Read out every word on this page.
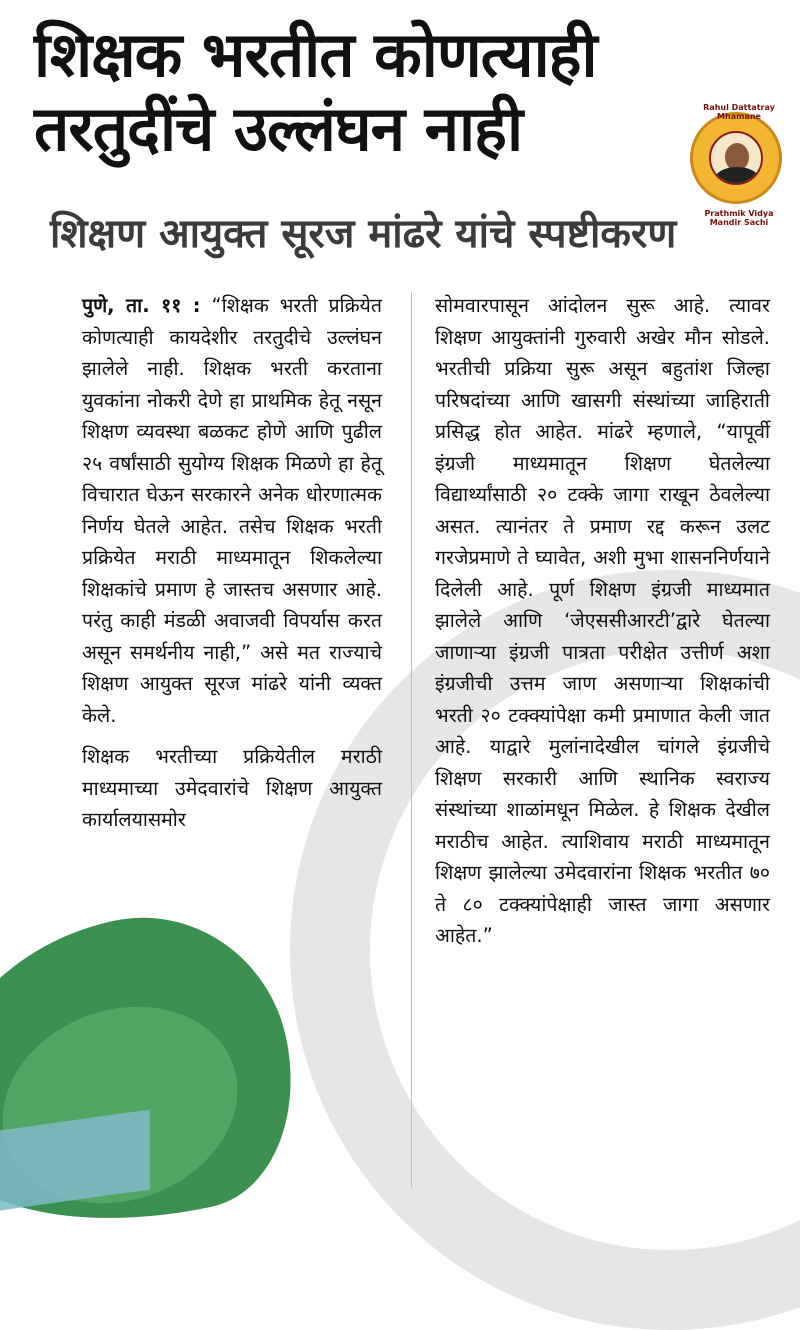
शिक्षक भरतीत कोणत्याही
तरतुदींचे उल्लंघन नाही	Rahul Dattatray Mhamane
Prathmik Vidya Mandir Sachi
शिक्षण आयुक्त सूरज मांढरे यांचे स्पष्टीकरण

पुणे, ता. ११ : “शिक्षक भरती प्रक्रियेत कोणत्याही कायदेशीर तरतुदीचे उल्लंघन झालेले नाही. शिक्षक भरती करताना युवकांना नोकरी देणे हा प्राथमिक हेतू नसून शिक्षण व्यवस्था बळकट होणे आणि पुढील २५ वर्षांसाठी सुयोग्य शिक्षक मिळणे हा हेतू विचारात घेऊन सरकारने अनेक धोरणात्मक निर्णय घेतले आहेत. तसेच शिक्षक भरती प्रक्रियेत मराठी माध्यमातून शिकलेल्या शिक्षकांचे प्रमाण हे जास्तच असणार आहे. परंतु काही मंडळी अवाजवी विपर्यास करत असून समर्थनीय नाही,” असे मत राज्याचे शिक्षण आयुक्त सूरज मांढरे यांनी व्यक्त केले.

शिक्षक भरतीच्या प्रक्रियेतील मराठी माध्यमाच्या उमेदवारांचे शिक्षण आयुक्त कार्यालयासमोर

सोमवारपासून आंदोलन सुरू आहे. त्यावर शिक्षण आयुक्तांनी गुरुवारी अखेर मौन सोडले. भरतीची प्रक्रिया सुरू असून बहुतांश जिल्हा परिषदांच्या आणि खासगी संस्थांच्या जाहिराती प्रसिद्ध होत आहेत. मांढरे म्हणाले, “यापूर्वी इंग्रजी माध्यमातून शिक्षण घेतलेल्या विद्यार्थ्यांसाठी २० टक्के जागा राखून ठेवलेल्या असत. त्यानंतर ते प्रमाण रद्द करून उलट गरजेप्रमाणे ते घ्यावेत, अशी मुभा शासननिर्णयाने दिलेली आहे. पूर्ण शिक्षण इंग्रजी माध्यमात झालेले आणि ‘जेएससीआरटी’द्वारे घेतल्या जाणाऱ्या इंग्रजी पात्रता परीक्षेत उत्तीर्ण अशा इंग्रजीची उत्तम जाण असणाऱ्या शिक्षकांची भरती २० टक्क्यांपेक्षा कमी प्रमाणात केली जात आहे. याद्वारे मुलांनादेखील चांगले इंग्रजीचे शिक्षण सरकारी आणि स्थानिक स्वराज्य संस्थांच्या शाळांमधून मिळेल. हे शिक्षक देखील मराठीच आहेत. त्याशिवाय मराठी माध्यमातून शिक्षण झालेल्या उमेदवारांना शिक्षक भरतीत ७० ते ८० टक्क्यांपेक्षाही जास्त जागा असणार आहेत.”
